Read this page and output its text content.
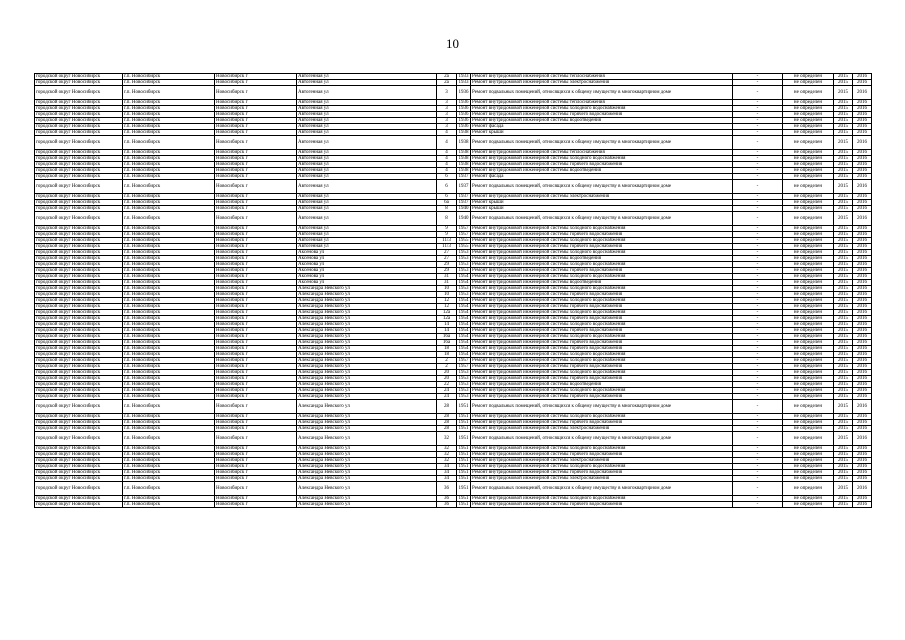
10
городской округ Новосибирск	г.п. Новосибирск	Новосибирск г	Автогенная ул	2а	1933	Ремонт внутридомовой инженерной системы теплоснабжения	-	не определен	2015	2016
городской округ Новосибирск	г.п. Новосибирск	Новосибирск г	Автогенная ул	2а	1933	Ремонт внутридомовой инженерной системы электроснабжения	-	не определен	2015	2016
городской округ Новосибирск	г.п. Новосибирск	Новосибирск г	Автогенная ул	3	1936	Ремонт подвальных помещений, относящихся к общему имуществу в многоквартирном доме	-	не определен	2015	2016
городской округ Новосибирск	г.п. Новосибирск	Новосибирск г	Автогенная ул	3	1936	Ремонт внутридомовой инженерной системы теплоснабжения	-	не определен	2015	2016
городской округ Новосибирск	г.п. Новосибирск	Новосибирск г	Автогенная ул	3	1936	Ремонт внутридомовой инженерной системы холодного водоснабжения	-	не определен	2015	2016
городской округ Новосибирск	г.п. Новосибирск	Новосибирск г	Автогенная ул	3	1936	Ремонт внутридомовой инженерной системы горячего водоснабжения	-	не определен	2015	2016
городской округ Новосибирск	г.п. Новосибирск	Новосибирск г	Автогенная ул	3	1936	Ремонт внутридомовой инженерной системы водоотведения	-	не определен	2015	2016
городской округ Новосибирск	г.п. Новосибирск	Новосибирск г	Автогенная ул	3	1936	Ремонт фасада	-	не определен	2015	2016
городской округ Новосибирск	г.п. Новосибирск	Новосибирск г	Автогенная ул	4	1938	Ремонт крыши	-	не определен	2015	2016
городской округ Новосибирск	г.п. Новосибирск	Новосибирск г	Автогенная ул	4	1938	Ремонт подвальных помещений, относящихся к общему имуществу в многоквартирном доме	-	не определен	2015	2016
городской округ Новосибирск	г.п. Новосибирск	Новосибирск г	Автогенная ул	4	1938	Ремонт внутридомовой инженерной системы теплоснабжения	-	не определен	2015	2016
городской округ Новосибирск	г.п. Новосибирск	Новосибирск г	Автогенная ул	4	1938	Ремонт внутридомовой инженерной системы холодного водоснабжения	-	не определен	2015	2016
городской округ Новосибирск	г.п. Новосибирск	Новосибирск г	Автогенная ул	4	1938	Ремонт внутридомовой инженерной системы горячего водоснабжения	-	не определен	2015	2016
городской округ Новосибирск	г.п. Новосибирск	Новосибирск г	Автогенная ул	4	1938	Ремонт внутридомовой инженерной системы водоотведения	-	не определен	2015	2016
городской округ Новосибирск	г.п. Новосибирск	Новосибирск г	Автогенная ул	6	1937	Ремонт фасада	-	не определен	2015	2016
городской округ Новосибирск	г.п. Новосибирск	Новосибирск г	Автогенная ул	6	1937	Ремонт подвальных помещений, относящихся к общему имуществу в многоквартирном доме	-	не определен	2015	2016
городской округ Новосибирск	г.п. Новосибирск	Новосибирск г	Автогенная ул	6	1937	Ремонт внутридомовой инженерной системы электроснабжения	-	не определен	2015	2016
городской округ Новосибирск	г.п. Новосибирск	Новосибирск г	Автогенная ул	6а	1937	Ремонт крыши	-	не определен	2015	2016
городской округ Новосибирск	г.п. Новосибирск	Новосибирск г	Автогенная ул	8	1940	Ремонт крыши	-	не определен	2015	2016
городской округ Новосибирск	г.п. Новосибирск	Новосибирск г	Автогенная ул	8	1940	Ремонт подвальных помещений, относящихся к общему имуществу в многоквартирном доме	-	не определен	2015	2016
городской округ Новосибирск	г.п. Новосибирск	Новосибирск г	Автогенная ул	9	1957	Ремонт внутридомовой инженерной системы холодного водоснабжения	-	не определен	2015	2016
городской округ Новосибирск	г.п. Новосибирск	Новосибирск г	Автогенная ул	9	1957	Ремонт внутридомовой инженерной системы горячего водоснабжения	-	не определен	2015	2016
городской округ Новосибирск	г.п. Новосибирск	Новосибирск г	Автогенная ул	11/3	1955	Ремонт внутридомовой инженерной системы холодного водоснабжения	-	не определен	2015	2016
городской округ Новосибирск	г.п. Новосибирск	Новосибирск г	Автогенная ул	11/3	1955	Ремонт внутридомовой инженерной системы горячего водоснабжения	-	не определен	2015	2016
городской округ Новосибирск	г.п. Новосибирск	Новосибирск г	Аксенова ул	27	1953	Ремонт внутридомовой инженерной системы холодного водоснабжения	-	не определен	2015	2016
городской округ Новосибирск	г.п. Новосибирск	Новосибирск г	Аксенова ул	27	1953	Ремонт внутридомовой инженерной системы водоотведения	-	не определен	2015	2016
городской округ Новосибирск	г.п. Новосибирск	Новосибирск г	Аксенова ул	29	1953	Ремонт внутридомовой инженерной системы холодного водоснабжения	-	не определен	2015	2016
городской округ Новосибирск	г.п. Новосибирск	Новосибирск г	Аксенова ул	29	1953	Ремонт внутридомовой инженерной системы горячего водоснабжения	-	не определен	2015	2016
городской округ Новосибирск	г.п. Новосибирск	Новосибирск г	Аксенова ул	31	1954	Ремонт внутридомовой инженерной системы холодного водоснабжения	-	не определен	2015	2016
городской округ Новосибирск	г.п. Новосибирск	Новосибирск г	Аксенова ул	31	1954	Ремонт внутридомовой инженерной системы водоотведения	-	не определен	2015	2016
городской округ Новосибирск	г.п. Новосибирск	Новосибирск г	Александра Невского ул	10	1953	Ремонт внутридомовой инженерной системы холодного водоснабжения	-	не определен	2015	2016
городской округ Новосибирск	г.п. Новосибирск	Новосибирск г	Александра Невского ул	10	1953	Ремонт внутридомовой инженерной системы горячего водоснабжения	-	не определен	2015	2016
городской округ Новосибирск	г.п. Новосибирск	Новосибирск г	Александра Невского ул	12	1954	Ремонт внутридомовой инженерной системы холодного водоснабжения	-	не определен	2015	2016
городской округ Новосибирск	г.п. Новосибирск	Новосибирск г	Александра Невского ул	12	1954	Ремонт внутридомовой инженерной системы горячего водоснабжения	-	не определен	2015	2016
городской округ Новосибирск	г.п. Новосибирск	Новосибирск г	Александра Невского ул	12а	1954	Ремонт внутридомовой инженерной системы холодного водоснабжения	-	не определен	2015	2016
городской округ Новосибирск	г.п. Новосибирск	Новосибирск г	Александра Невского ул	12а	1954	Ремонт внутридомовой инженерной системы горячего водоснабжения	-	не определен	2015	2016
городской округ Новосибирск	г.п. Новосибирск	Новосибирск г	Александра Невского ул	14	1954	Ремонт внутридомовой инженерной системы холодного водоснабжения	-	не определен	2015	2016
городской округ Новосибирск	г.п. Новосибирск	Новосибирск г	Александра Невского ул	14	1954	Ремонт внутридомовой инженерной системы горячего водоснабжения	-	не определен	2015	2016
городской округ Новосибирск	г.п. Новосибирск	Новосибирск г	Александра Невского ул	16а	1954	Ремонт внутридомовой инженерной системы холодного водоснабжения	-	не определен	2015	2016
городской округ Новосибирск	г.п. Новосибирск	Новосибирск г	Александра Невского ул	16а	1954	Ремонт внутридомовой инженерной системы горячего водоснабжения	-	не определен	2015	2016
городской округ Новосибирск	г.п. Новосибирск	Новосибирск г	Александра Невского ул	18	1954	Ремонт внутридомовой инженерной системы горячего водоснабжения	-	не определен	2015	2016
городской округ Новосибирск	г.п. Новосибирск	Новосибирск г	Александра Невского ул	18	1954	Ремонт внутридомовой инженерной системы холодного водоснабжения	-	не определен	2015	2016
городской округ Новосибирск	г.п. Новосибирск	Новосибирск г	Александра Невского ул	2	1957	Ремонт внутридомовой инженерной системы холодного водоснабжения	-	не определен	2015	2016
городской округ Новосибирск	г.п. Новосибирск	Новосибирск г	Александра Невского ул	2	1957	Ремонт внутридомовой инженерной системы горячего водоснабжения	-	не определен	2015	2016
городской округ Новосибирск	г.п. Новосибирск	Новосибирск г	Александра Невского ул	20	1953	Ремонт внутридомовой инженерной системы холодного водоснабжения	-	не определен	2015	2016
городской округ Новосибирск	г.п. Новосибирск	Новосибирск г	Александра Невского ул	20	1953	Ремонт внутридомовой инженерной системы горячего водоснабжения	-	не определен	2015	2016
городской округ Новосибирск	г.п. Новосибирск	Новосибирск г	Александра Невского ул	22	1953	Ремонт внутридомовой инженерной системы водоотведения	-	не определен	2015	2016
городской округ Новосибирск	г.п. Новосибирск	Новосибирск г	Александра Невского ул	24	1953	Ремонт внутридомовой инженерной системы холодного водоснабжения	-	не определен	2015	2016
городской округ Новосибирск	г.п. Новосибирск	Новосибирск г	Александра Невского ул	24	1953	Ремонт внутридомовой инженерной системы горячего водоснабжения	-	не определен	2015	2016
городской округ Новосибирск	г.п. Новосибирск	Новосибирск г	Александра Невского ул	28	1951	Ремонт подвальных помещений, относящихся к общему имуществу в многоквартирном доме	-	не определен	2015	2016
городской округ Новосибирск	г.п. Новосибирск	Новосибирск г	Александра Невского ул	28	1951	Ремонт внутридомовой инженерной системы холодного водоснабжения	-	не определен	2015	2016
городской округ Новосибирск	г.п. Новосибирск	Новосибирск г	Александра Невского ул	28	1951	Ремонт внутридомовой инженерной системы горячего водоснабжения	-	не определен	2015	2016
городской округ Новосибирск	г.п. Новосибирск	Новосибирск г	Александра Невского ул	28	1951	Ремонт внутридомовой инженерной системы электроснабжения	-	не определен	2015	2016
городской округ Новосибирск	г.п. Новосибирск	Новосибирск г	Александра Невского ул	32	1951	Ремонт подвальных помещений, относящихся к общему имуществу в многоквартирном доме	-	не определен	2015	2016
городской округ Новосибирск	г.п. Новосибирск	Новосибирск г	Александра Невского ул	32	1951	Ремонт внутридомовой инженерной системы холодного водоснабжения	-	не определен	2015	2016
городской округ Новосибирск	г.п. Новосибирск	Новосибирск г	Александра Невского ул	32	1951	Ремонт внутридомовой инженерной системы горячего водоснабжения	-	не определен	2015	2016
городской округ Новосибирск	г.п. Новосибирск	Новосибирск г	Александра Невского ул	32	1951	Ремонт внутридомовой инженерной системы электроснабжения	-	не определен	2015	2016
городской округ Новосибирск	г.п. Новосибирск	Новосибирск г	Александра Невского ул	34	1951	Ремонт внутридомовой инженерной системы холодного водоснабжения	-	не определен	2015	2016
городской округ Новосибирск	г.п. Новосибирск	Новосибирск г	Александра Невского ул	34	1951	Ремонт внутридомовой инженерной системы горячего водоснабжения	-	не определен	2015	2016
городской округ Новосибирск	г.п. Новосибирск	Новосибирск г	Александра Невского ул	34	1951	Ремонт внутридомовой инженерной системы электроснабжения	-	не определен	2015	2016
городской округ Новосибирск	г.п. Новосибирск	Новосибирск г	Александра Невского ул	36	1951	Ремонт подвальных помещений, относящихся к общему имуществу в многоквартирном доме	-	не определен	2015	2016
городской округ Новосибирск	г.п. Новосибирск	Новосибирск г	Александра Невского ул	36	1951	Ремонт внутридомовой инженерной системы холодного водоснабжения	-	не определен	2015	2016
городской округ Новосибирск	г.п. Новосибирск	Новосибирск г	Александра Невского ул	36	1951	Ремонт внутридомовой инженерной системы горячего водоснабжения	-	не определен	2015	2016
